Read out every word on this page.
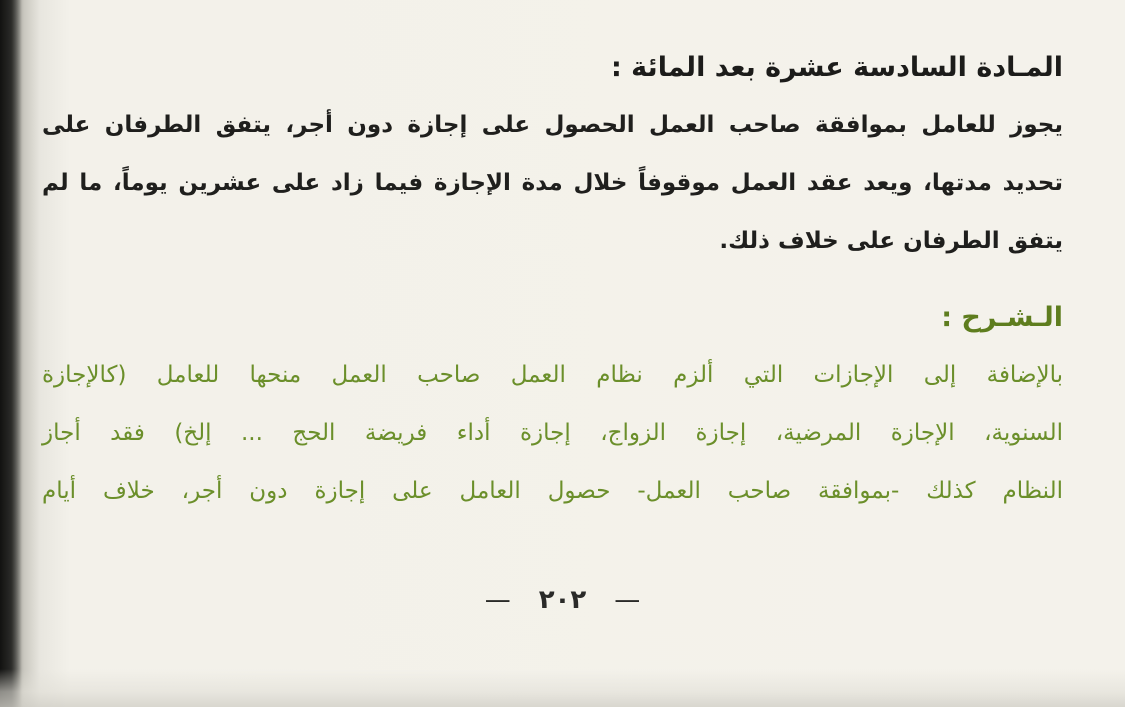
المـادة السادسة عشرة بعد المائة :
يجوز للعامل بموافقة صاحب العمل الحصول على إجازة دون أجر، يتفق الطرفان على
تحديد مدتها، ويعد عقد العمل موقوفاً خلال مدة الإجازة فيما زاد على عشرين يوماً، ما لم
يتفق الطرفان على خلاف ذلك.
الـشـرح :
بالإضافة إلى الإجازات التي ألزم نظام العمل صاحب العمل منحها للعامل (كالإجازة
السنوية، الإجازة المرضية، إجازة الزواج، إجازة أداء فريضة الحج ... إلخ) فقد أجاز
النظام كذلك -بموافقة صاحب العمل- حصول العامل على إجازة دون أجر، خلاف أيام
—٢٠٢—
